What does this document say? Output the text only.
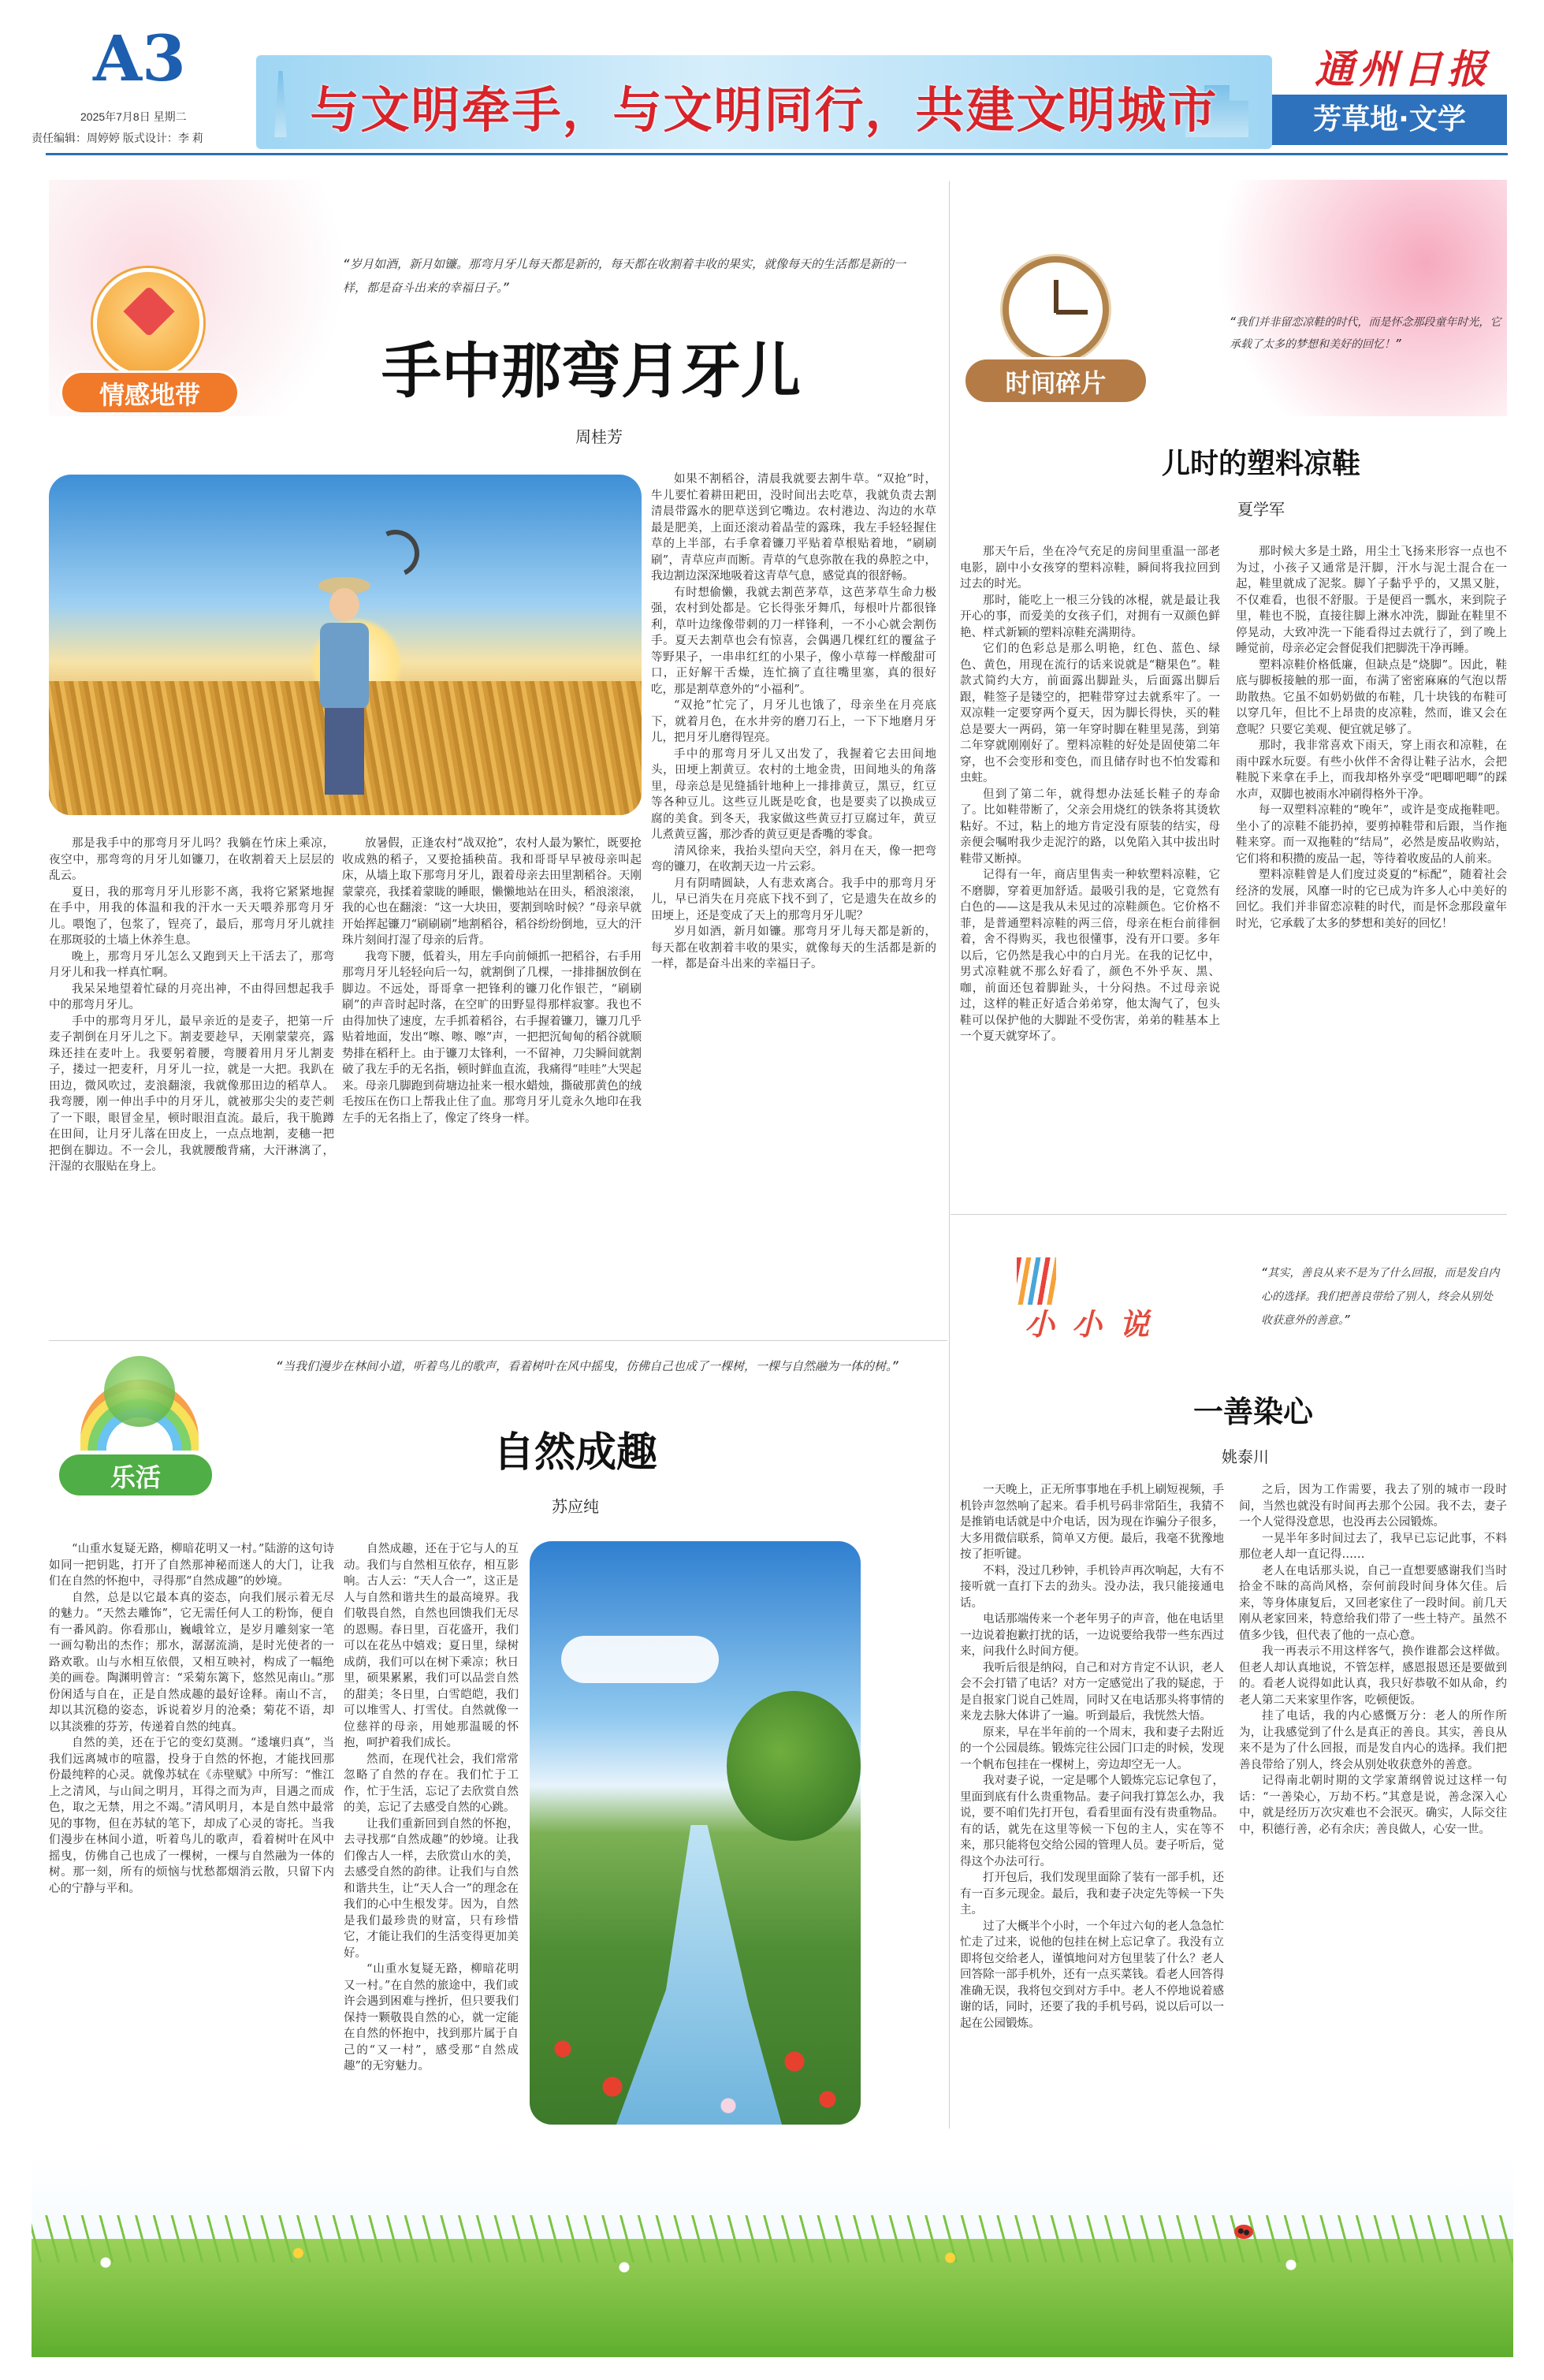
A3
2025年7月8日 星期二
责任编辑：周婷婷 版式设计：李 莉	与文明牵手，与文明同行，共建文明城市
通州日报
芳草地·文学
情感地带
“岁月如酒，新月如镰。那弯月牙儿每天都是新的，每天都在收割着丰收的果实，就像每天的生活都是新的一样，都是奋斗出来的幸福日子。”
手中那弯月牙儿
周桂芳

那是我手中的那弯月牙儿吗？我躺在竹床上乘凉，夜空中，那弯弯的月牙儿如镰刀，在收割着天上层层的乱云。

夏日，我的那弯月牙儿形影不离，我将它紧紧地握在手中，用我的体温和我的汗水一天天喂养那弯月牙儿。喂饱了，包浆了，锃亮了，最后，那弯月牙儿就挂在那斑驳的土墙上休养生息。

晚上，那弯月牙儿怎么又跑到天上干活去了，那弯月牙儿和我一样真忙啊。

我呆呆地望着忙碌的月亮出神，不由得回想起我手中的那弯月牙儿。

手中的那弯月牙儿，最早亲近的是麦子，把第一斤麦子割倒在月牙儿之下。割麦要趁早，天刚蒙蒙亮，露珠还挂在麦叶上。我要躬着腰，弯腰着用月牙儿割麦子，搂过一把麦秆，月牙儿一拉，就是一大把。我趴在田边，微风吹过，麦浪翻滚，我就像那田边的稻草人。我弯腰，刚一伸出手中的月牙儿，就被那尖尖的麦芒刺了一下眼，眼冒金星，顿时眼泪直流。最后，我干脆蹲在田间，让月牙儿落在田皮上，一点点地割，麦穗一把把倒在脚边。不一会儿，我就腰酸背痛，大汗淋漓了，汗湿的衣服贴在身上。

放暑假，正逢农村“战双抢”，农村人最为繁忙，既要抢收成熟的稻子，又要抢插秧苗。我和哥哥早早被母亲叫起床，从墙上取下那弯月牙儿，跟着母亲去田里割稻谷。天刚蒙蒙亮，我揉着蒙眬的睡眼，懒懒地站在田头，稻浪滚滚，我的心也在翻滚：“这一大块田，要割到啥时候？”母亲早就开始挥起镰刀“刷刷刷”地割稻谷，稻谷纷纷倒地，豆大的汗珠片刻间打湿了母亲的后背。

我弯下腰，低着头，用左手向前倾抓一把稻谷，右手用那弯月牙儿轻轻向后一勾，就割倒了几棵，一排排捆放倒在脚边。不远处，哥哥拿一把锋利的镰刀化作银芒，“刷刷刷”的声音时起时落，在空旷的田野显得那样寂寥。我也不由得加快了速度，左手抓着稻谷，右手握着镰刀，镰刀几乎贴着地面，发出“嚓、嚓、嚓”声，一把把沉甸甸的稻谷就顺势排在稻秆上。由于镰刀太锋利，一不留神，刀尖瞬间就割破了我左手的无名指，顿时鲜血直流，我痛得“哇哇”大哭起来。母亲几脚跑到荷塘边扯来一根水蜡烛，撕破那黄色的绒毛按压在伤口上帮我止住了血。那弯月牙儿竟永久地印在我左手的无名指上了，像定了终身一样。

如果不割稻谷，清晨我就要去割牛草。“双抢”时，牛儿要忙着耕田耙田，没时间出去吃草，我就负责去割清晨带露水的肥草送到它嘴边。农村港边、沟边的水草最是肥美，上面还滚动着晶莹的露珠，我左手轻轻握住草的上半部，右手拿着镰刀平贴着草根贴着地，“刷刷刷”，青草应声而断。青草的气息弥散在我的鼻腔之中，我边割边深深地吸着这青草气息，感觉真的很舒畅。

有时想偷懒，我就去割芭茅草，这芭茅草生命力极强，农村到处都是。它长得张牙舞爪，每根叶片都很锋利，草叶边缘像带刺的刀一样锋利，一不小心就会割伤手。夏天去割草也会有惊喜，会偶遇几棵红红的覆盆子等野果子，一串串红红的小果子，像小草莓一样酸甜可口，正好解干舌燥，连忙摘了直往嘴里塞，真的很好吃，那是割草意外的“小福利”。

“双抢”忙完了，月牙儿也饿了，母亲坐在月亮底下，就着月色，在水井旁的磨刀石上，一下下地磨月牙儿，把月牙儿磨得锃亮。

手中的那弯月牙儿又出发了，我握着它去田间地头，田埂上割黄豆。农村的土地金贵，田间地头的角落里，母亲总是见缝插针地种上一排排黄豆，黑豆，红豆等各种豆儿。这些豆儿既是吃食，也是要卖了以换成豆腐的美食。到冬天，我家做这些黄豆打豆腐过年，黄豆儿煮黄豆酱，那沙香的黄豆更是香嘴的零食。

清风徐来，我抬头望向天空，斜月在天，像一把弯弯的镰刀，在收割天边一片云彩。

月有阴晴圆缺，人有悲欢离合。我手中的那弯月牙儿，早已消失在月亮底下找不到了，它是遗失在故乡的田埂上，还是变成了天上的那弯月牙儿呢？

岁月如酒，新月如镰。那弯月牙儿每天都是新的，每天都在收割着丰收的果实，就像每天的生活都是新的一样，都是奋斗出来的幸福日子。

时间碎片
“我们并非留恋凉鞋的时代，而是怀念那段童年时光，它承载了太多的梦想和美好的回忆！”
儿时的塑料凉鞋
夏学军

那天午后，坐在冷气充足的房间里重温一部老电影，剧中小女孩穿的塑料凉鞋，瞬间将我拉回到过去的时光。

那时，能吃上一根三分钱的冰棍，就是最让我开心的事，而爱美的女孩子们，对拥有一双颜色鲜艳、样式新颖的塑料凉鞋充满期待。

它们的色彩总是那么明艳，红色、蓝色、绿色、黄色，用现在流行的话来说就是“糖果色”。鞋款式简约大方，前面露出脚趾头，后面露出脚后跟，鞋签子是镂空的，把鞋带穿过去就系牢了。一双凉鞋一定要穿两个夏天，因为脚长得快，买的鞋总是要大一两码，第一年穿时脚在鞋里晃荡，到第二年穿就刚刚好了。塑料凉鞋的好处是固使第二年穿，也不会变形和变色，而且储存时也不怕发霉和虫蛀。

但到了第二年，就得想办法延长鞋子的寿命了。比如鞋带断了，父亲会用烧红的铁条将其烫软粘好。不过，粘上的地方肯定没有原装的结实，母亲便会嘱咐我少走泥泞的路，以免陷入其中拔出时鞋带又断掉。

记得有一年，商店里售卖一种软塑料凉鞋，它不磨脚，穿着更加舒适。最吸引我的是，它竟然有白色的——这是我从未见过的凉鞋颜色。它价格不菲，是普通塑料凉鞋的两三倍，母亲在柜台前徘徊着，舍不得购买，我也很懂事，没有开口要。多年以后，它仍然是我心中的白月光。在我的记忆中，男式凉鞋就不那么好看了，颜色不外乎灰、黑、咖，前面还包着脚趾头，十分闷热。不过母亲说过，这样的鞋正好适合弟弟穿，他太淘气了，包头鞋可以保护他的大脚趾不受伤害，弟弟的鞋基本上一个夏天就穿坏了。

那时候大多是土路，用尘土飞扬来形容一点也不为过，小孩子又通常是汗脚，汗水与泥土混合在一起，鞋里就成了泥浆。脚丫子黏乎乎的，又黑又脏，不仅难看，也很不舒服。于是便舀一瓢水，来到院子里，鞋也不脱，直接往脚上淋水冲洗，脚趾在鞋里不停晃动，大致冲洗一下能看得过去就行了，到了晚上睡觉前，母亲必定会督促我们把脚洗干净再睡。

塑料凉鞋价格低廉，但缺点是“烧脚”。因此，鞋底与脚板接触的那一面，布满了密密麻麻的气泡以帮助散热。它虽不如奶奶做的布鞋，几十块钱的布鞋可以穿几年，但比不上昂贵的皮凉鞋，然而，谁又会在意呢？只要它美观、便宜就足够了。

那时，我非常喜欢下雨天，穿上雨衣和凉鞋，在雨中踩水玩耍。有些小伙伴不舍得让鞋子沾水，会把鞋脱下来拿在手上，而我却格外享受“吧唧吧唧”的踩水声，双脚也被雨水冲刷得格外干净。

每一双塑料凉鞋的“晚年”，或许是变成拖鞋吧。坐小了的凉鞋不能扔掉，要剪掉鞋带和后跟，当作拖鞋来穿。而一双拖鞋的“结局”，必然是废品收购站，它们将和积攒的废品一起，等待着收废品的人前来。

塑料凉鞋曾是人们度过炎夏的“标配”，随着社会经济的发展，风靡一时的它已成为许多人心中美好的回忆。我们并非留恋凉鞋的时代，而是怀念那段童年时光，它承载了太多的梦想和美好的回忆！

乐活
“当我们漫步在林间小道，听着鸟儿的歌声，看着树叶在风中摇曳，仿佛自己也成了一棵树，一棵与自然融为一体的树。”
自然成趣
苏应纯

“山重水复疑无路，柳暗花明又一村。”陆游的这句诗如同一把钥匙，打开了自然那神秘而迷人的大门，让我们在自然的怀抱中，寻得那“自然成趣”的妙境。

自然，总是以它最本真的姿态，向我们展示着无尽的魅力。“天然去雕饰”，它无需任何人工的粉饰，便自有一番风韵。你看那山，巍峨耸立，是岁月雕刻家一笔一画勾勒出的杰作；那水，潺潺流淌，是时光使者的一路欢歌。山与水相互依偎，又相互映衬，构成了一幅绝美的画卷。陶渊明曾言：“采菊东篱下，悠然见南山。”那份闲适与自在，正是自然成趣的最好诠释。南山不言，却以其沉稳的姿态，诉说着岁月的沧桑；菊花不语，却以其淡雅的芬芳，传递着自然的纯真。

自然的美，还在于它的变幻莫测。“逶壤归真”，当我们远离城市的喧嚣，投身于自然的怀抱，才能找回那份最纯粹的心灵。就像苏轼在《赤壁赋》中所写：“惟江上之清风，与山间之明月，耳得之而为声，目遇之而成色，取之无禁，用之不竭。”清风明月，本是自然中最常见的事物，但在苏轼的笔下，却成了心灵的寄托。当我们漫步在林间小道，听着鸟儿的歌声，看着树叶在风中摇曳，仿佛自己也成了一棵树，一棵与自然融为一体的树。那一刻，所有的烦恼与忧愁都烟消云散，只留下内心的宁静与平和。

自然成趣，还在于它与人的互动。我们与自然相互依存，相互影响。古人云：“天人合一”，这正是人与自然和谐共生的最高境界。我们敬畏自然，自然也回馈我们无尽的恩赐。春日里，百花盛开，我们可以在花丛中嬉戏；夏日里，绿树成荫，我们可以在树下乘凉；秋日里，硕果累累，我们可以品尝自然的甜美；冬日里，白雪皑皑，我们可以堆雪人、打雪仗。自然就像一位慈祥的母亲，用她那温暖的怀抱，呵护着我们成长。

然而，在现代社会，我们常常忽略了自然的存在。我们忙于工作，忙于生活，忘记了去欣赏自然的美，忘记了去感受自然的心跳。

让我们重新回到自然的怀抱，去寻找那“自然成趣”的妙境。让我们像古人一样，去欣赏山水的美，去感受自然的韵律。让我们与自然和谐共生，让“天人合一”的理念在我们的心中生根发芽。因为，自然是我们最珍贵的财富，只有珍惜它，才能让我们的生活变得更加美好。

“山重水复疑无路，柳暗花明又一村。”在自然的旅途中，我们或许会遇到困难与挫折，但只要我们保持一颗敬畏自然的心，就一定能在自然的怀抱中，找到那片属于自己的“又一村”，感受那“自然成趣”的无穷魅力。

小小说
“其实，善良从来不是为了什么回报，而是发自内心的选择。我们把善良带给了别人，终会从别处收获意外的善意。”
一善染心
姚泰川

一天晚上，正无所事事地在手机上刷短视频，手机铃声忽然响了起来。看手机号码非常陌生，我猜不是推销电话就是中介电话，因为现在诈骗分子很多，大多用微信联系，简单又方便。最后，我毫不犹豫地按了拒听键。

不料，没过几秒钟，手机铃声再次响起，大有不接听就一直打下去的劲头。没办法，我只能接通电话。

电话那端传来一个老年男子的声音，他在电话里一边说着抱歉打扰的话，一边说要给我带一些东西过来，问我什么时间方便。

我听后很是纳闷，自己和对方肯定不认识，老人会不会打错了电话？对方一定感觉出了我的疑虑，于是自报家门说自己姓周，同时又在电话那头将事情的来龙去脉大体讲了一遍。听到最后，我恍然大悟。

原来，早在半年前的一个周末，我和妻子去附近的一个公园晨练。锻炼完往公园门口走的时候，发现一个帆布包挂在一棵树上，旁边却空无一人。

我对妻子说，一定是哪个人锻炼完忘记拿包了，里面到底有什么贵重物品。妻子问我打算怎么办，我说，要不咱们先打开包，看看里面有没有贵重物品。有的话，就先在这里等候一下包的主人，实在等不来，那只能将包交给公园的管理人员。妻子听后，觉得这个办法可行。

打开包后，我们发现里面除了装有一部手机，还有一百多元现金。最后，我和妻子决定先等候一下失主。

过了大概半个小时，一个年过六旬的老人急急忙忙走了过来，说他的包挂在树上忘记拿了。我没有立即将包交给老人，谨慎地问对方包里装了什么？老人回答除一部手机外，还有一点买菜钱。看老人回答得准确无误，我将包交到对方手中。老人不停地说着感谢的话，同时，还要了我的手机号码，说以后可以一起在公园锻炼。

之后，因为工作需要，我去了别的城市一段时间，当然也就没有时间再去那个公园。我不去，妻子一个人觉得没意思，也没再去公园锻炼。

一晃半年多时间过去了，我早已忘记此事，不料那位老人却一直记得……

老人在电话那头说，自己一直想要感谢我们当时拾金不昧的高尚风格，奈何前段时间身体欠佳。后来，等身体康复后，又回老家住了一段时间。前几天刚从老家回来，特意给我们带了一些土特产。虽然不值多少钱，但代表了他的一点心意。

我一再表示不用这样客气，换作谁都会这样做。但老人却认真地说，不管怎样，感恩报恩还是要做到的。看老人说得如此认真，我只好恭敬不如从命，约老人第二天来家里作客，吃顿便饭。

挂了电话，我的内心感慨万分：老人的所作所为，让我感觉到了什么是真正的善良。其实，善良从来不是为了什么回报，而是发自内心的选择。我们把善良带给了别人，终会从别处收获意外的善意。

记得南北朝时期的文学家萧纲曾说过这样一句话：“一善染心，万劫不朽。”其意是说，善念深入心中，就是经历万次灾难也不会泯灭。确实，人际交往中，积德行善，必有余庆；善良做人，心安一世。
